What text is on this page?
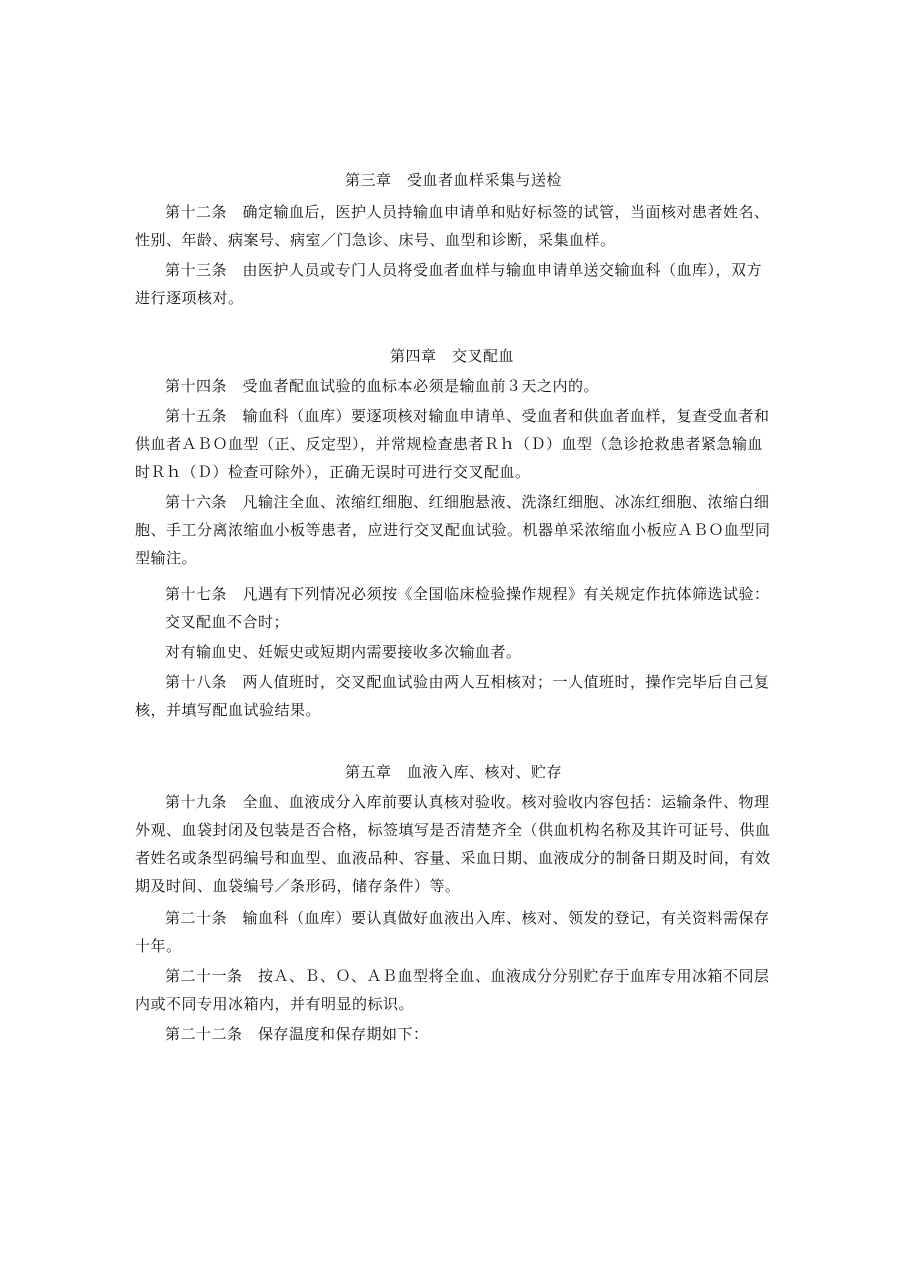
第三章　受血者血样采集与送检
第十二条　确定输血后，医护人员持输血申请单和贴好标签的试管，当面核对患者姓名、
性别、年龄、病案号、病室／门急诊、床号、血型和诊断，采集血样。
第十三条　由医护人员或专门人员将受血者血样与输血申请单送交输血科（血库），双方
进行逐项核对。
第四章　交叉配血
第十四条　受血者配血试验的血标本必须是输血前３天之内的。
第十五条　输血科（血库）要逐项核对输血申请单、受血者和供血者血样，复查受血者和
供血者ＡＢＯ血型（正、反定型），并常规检查患者Ｒｈ（Ｄ）血型（急诊抢救患者紧急输血
时Ｒｈ（Ｄ）检查可除外），正确无误时可进行交叉配血。
第十六条　凡输注全血、浓缩红细胞、红细胞悬液、洗涤红细胞、冰冻红细胞、浓缩白细
胞、手工分离浓缩血小板等患者，应进行交叉配血试验。机器单采浓缩血小板应ＡＢＯ血型同
型输注。
第十七条　凡遇有下列情况必须按《全国临床检验操作规程》有关规定作抗体筛选试验：
交叉配血不合时；
对有输血史、妊娠史或短期内需要接收多次输血者。
第十八条　两人值班时，交叉配血试验由两人互相核对；一人值班时，操作完毕后自己复
核，并填写配血试验结果。
第五章　血液入库、核对、贮存
第十九条　全血、血液成分入库前要认真核对验收。核对验收内容包括：运输条件、物理
外观、血袋封闭及包装是否合格，标签填写是否清楚齐全（供血机构名称及其许可证号、供血
者姓名或条型码编号和血型、血液品种、容量、采血日期、血液成分的制备日期及时间，有效
期及时间、血袋编号／条形码，储存条件）等。
第二十条　输血科（血库）要认真做好血液出入库、核对、领发的登记，有关资料需保存
十年。
第二十一条　按Ａ、Ｂ、Ｏ、ＡＢ血型将全血、血液成分分别贮存于血库专用冰箱不同层
内或不同专用冰箱内，并有明显的标识。
第二十二条　保存温度和保存期如下：
